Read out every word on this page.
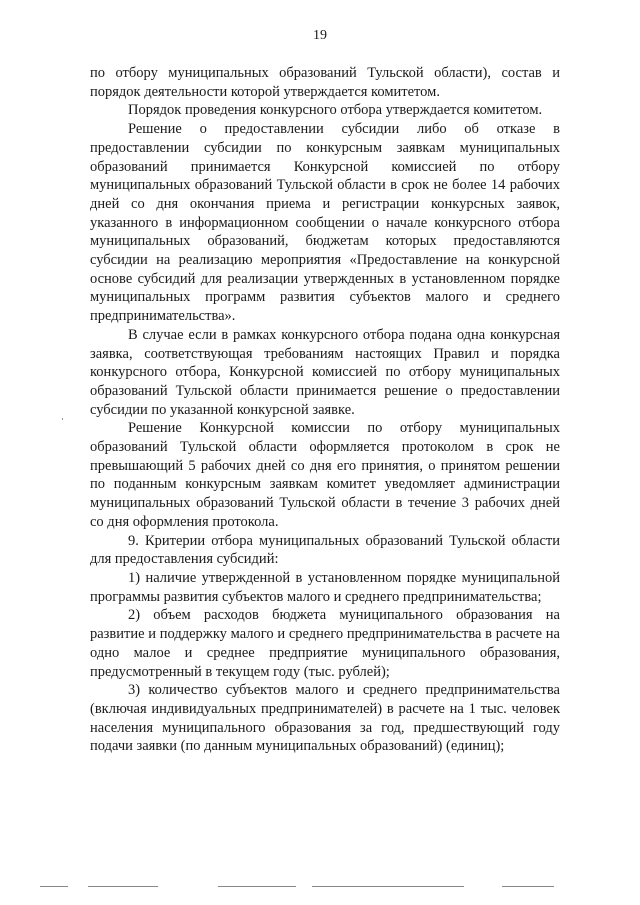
19

по отбору муниципальных образований Тульской области), состав и порядок деятельности которой утверждается комитетом.

Порядок проведения конкурсного отбора утверждается комитетом.

Решение о предоставлении субсидии либо об отказе в предоставлении субсидии по конкурсным заявкам муниципальных образований принимается Конкурсной комиссией по отбору муниципальных образований Тульской области в срок не более 14 рабочих дней со дня окончания приема и регистрации конкурсных заявок, указанного в информационном сообщении о начале конкурсного отбора муниципальных образований, бюджетам которых предоставляются субсидии на реализацию мероприятия «Предоставление на конкурсной основе субсидий для реализации утвержденных в установленном порядке муниципальных программ развития субъектов малого и среднего предпринимательства».

В случае если в рамках конкурсного отбора подана одна конкурсная заявка, соответствующая требованиям настоящих Правил и порядка конкурсного отбора, Конкурсной комиссией по отбору муниципальных образований Тульской области принимается решение о предоставлении субсидии по указанной конкурсной заявке.

Решение Конкурсной комиссии по отбору муниципальных образований Тульской области оформляется протоколом в срок не превышающий 5 рабочих дней со дня его принятия, о принятом решении по поданным конкурсным заявкам комитет уведомляет администрации муниципальных образований Тульской области в течение 3 рабочих дней со дня оформления протокола.

9. Критерии отбора муниципальных образований Тульской области для предоставления субсидий:

1) наличие утвержденной в установленном порядке муниципальной программы развития субъектов малого и среднего предпринимательства;

2) объем расходов бюджета муниципального образования на развитие и поддержку малого и среднего предпринимательства в расчете на одно малое и среднее предприятие муниципального образования, предусмотренный в текущем году (тыс. рублей);

3) количество субъектов малого и среднего предпринимательства (включая индивидуальных предпринимателей) в расчете на 1 тыс. человек населения муниципального образования за год, предшествующий году подачи заявки (по данным муниципальных образований) (единиц);
